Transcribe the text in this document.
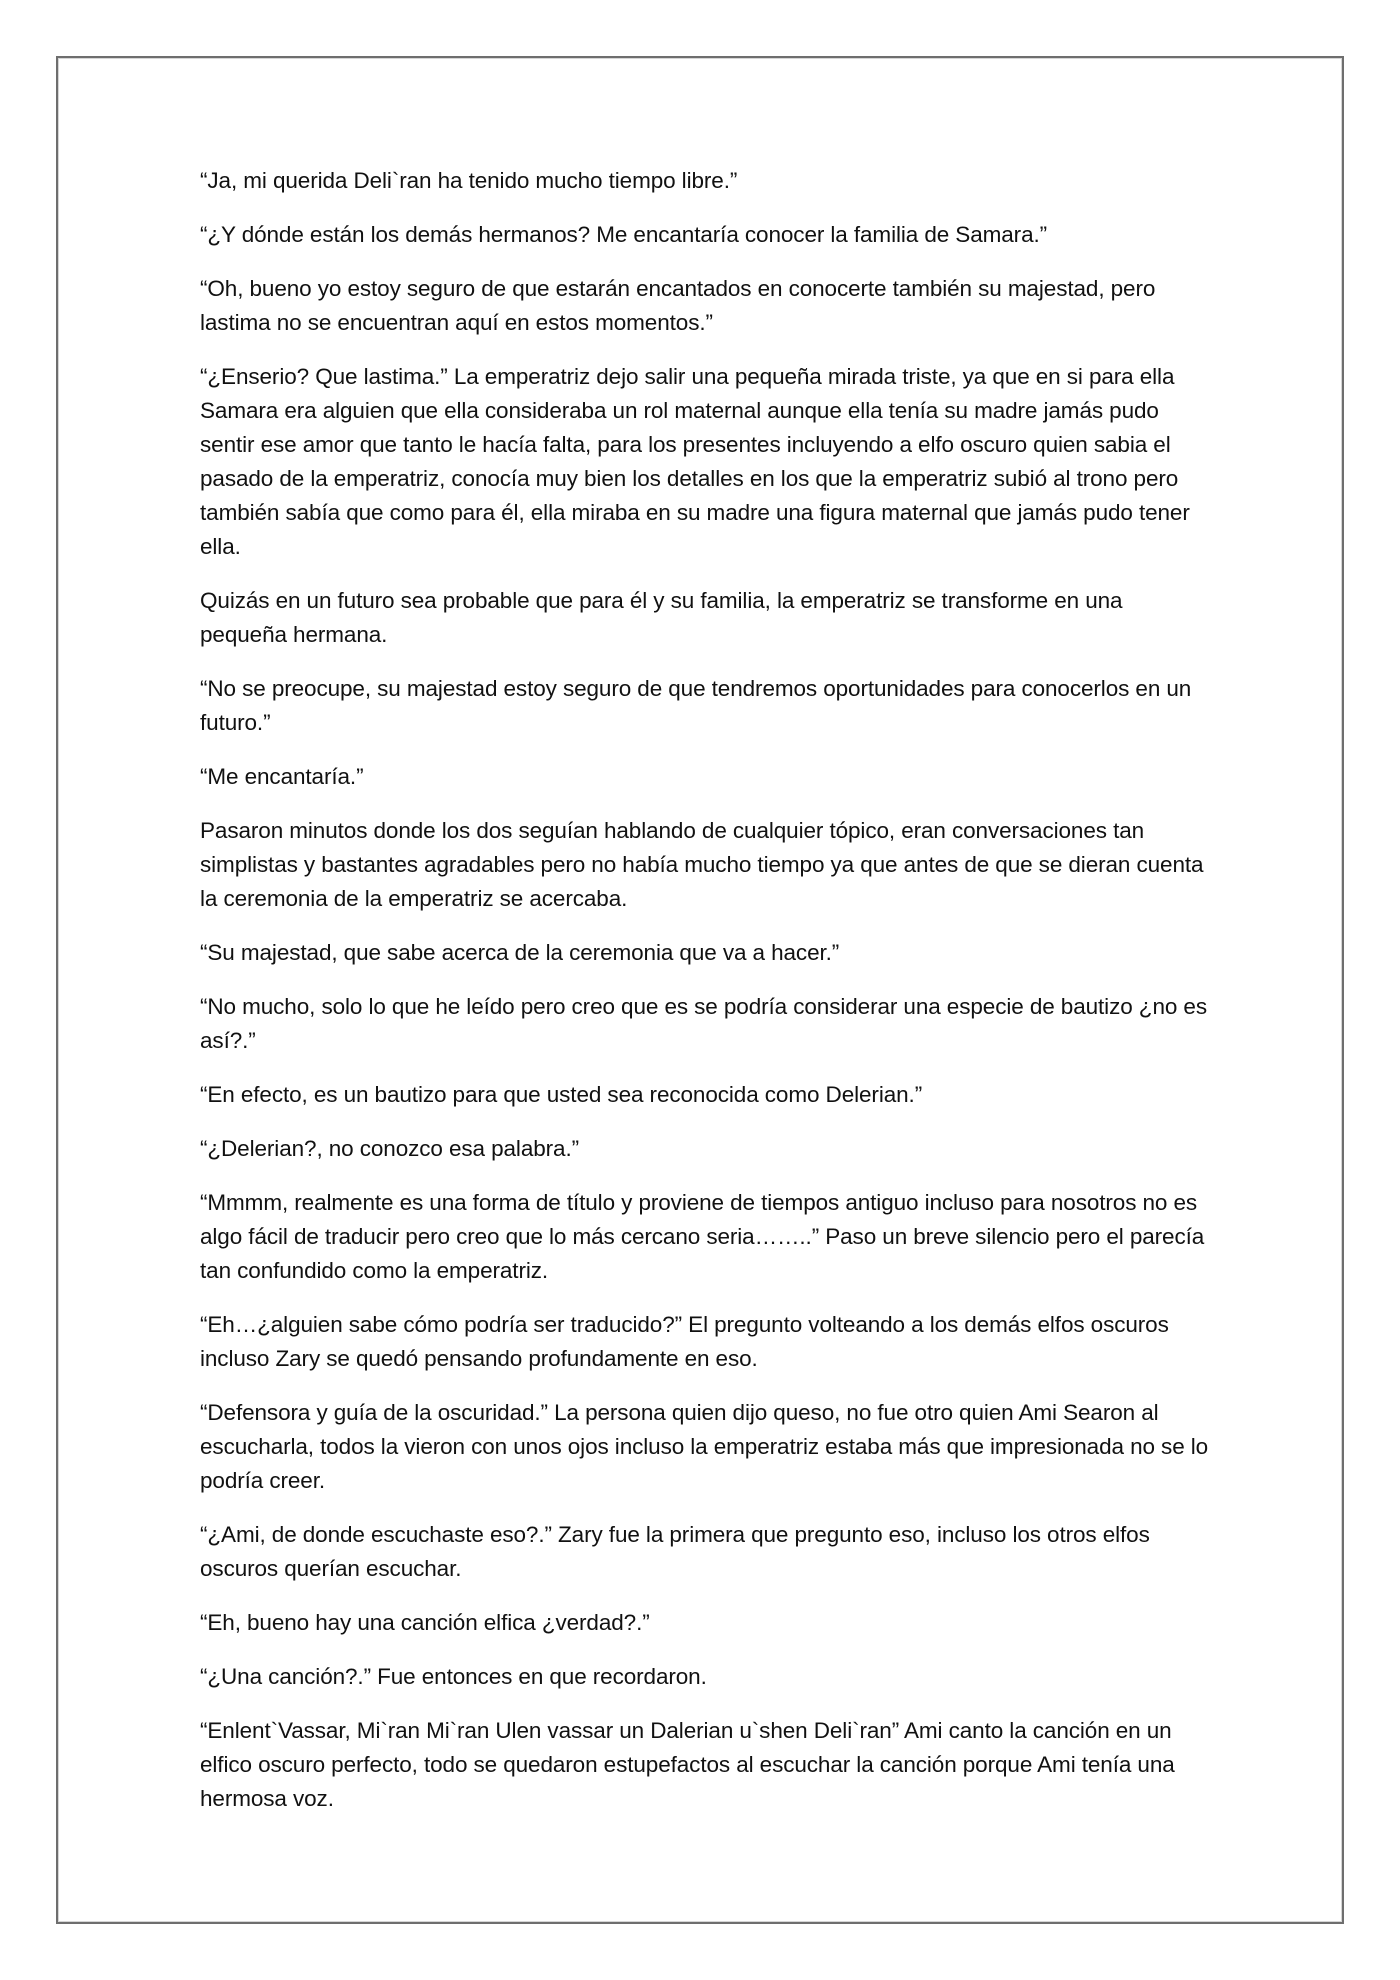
“Ja, mi querida Deli`ran ha tenido mucho tiempo libre.”

“¿Y dónde están los demás hermanos? Me encantaría conocer la familia de Samara.”

“Oh, bueno yo estoy seguro de que estarán encantados en conocerte también su majestad, pero lastima no se encuentran aquí en estos momentos.”

“¿Enserio? Que lastima.” La emperatriz dejo salir una pequeña mirada triste, ya que en si para ella Samara era alguien que ella consideraba un rol maternal aunque ella tenía su madre jamás pudo sentir ese amor que tanto le hacía falta, para los presentes incluyendo a elfo oscuro quien sabia el pasado de la emperatriz, conocía muy bien los detalles en los que la emperatriz subió al trono pero también sabía que como para él, ella miraba en su madre una figura maternal que jamás pudo tener ella.

Quizás en un futuro sea probable que para él y su familia, la emperatriz se transforme en una pequeña hermana.

“No se preocupe, su majestad estoy seguro de que tendremos oportunidades para conocerlos en un futuro.”

“Me encantaría.”

Pasaron minutos donde los dos seguían hablando de cualquier tópico, eran conversaciones tan simplistas y bastantes agradables pero no había mucho tiempo ya que antes de que se dieran cuenta la ceremonia de la emperatriz se acercaba.

“Su majestad, que sabe acerca de la ceremonia que va a hacer.”

“No mucho, solo lo que he leído pero creo que es se podría considerar una especie de bautizo ¿no es así?.”

“En efecto, es un bautizo para que usted sea reconocida como Delerian.”

“¿Delerian?, no conozco esa palabra.”

“Mmmm, realmente es una forma de título y proviene de tiempos antiguo incluso para nosotros no es algo fácil de traducir pero creo que lo más cercano seria……..” Paso un breve silencio pero el parecía tan confundido como la emperatriz.

“Eh…¿alguien sabe cómo podría ser traducido?” El pregunto volteando a los demás elfos oscuros incluso Zary se quedó pensando profundamente en eso.

“Defensora y guía de la oscuridad.” La persona quien dijo queso, no fue otro quien Ami Searon al escucharla, todos la vieron con unos ojos incluso la emperatriz estaba más que impresionada no se lo podría creer.

“¿Ami, de donde escuchaste eso?.” Zary fue la primera que pregunto eso, incluso los otros elfos oscuros querían escuchar.

“Eh, bueno hay una canción elfica ¿verdad?.”

“¿Una canción?.” Fue entonces en que recordaron.

“Enlent`Vassar, Mi`ran Mi`ran Ulen vassar un Dalerian u`shen Deli`ran” Ami canto la canción en un elfico oscuro perfecto, todo se quedaron estupefactos al escuchar la canción porque Ami tenía una hermosa voz.
